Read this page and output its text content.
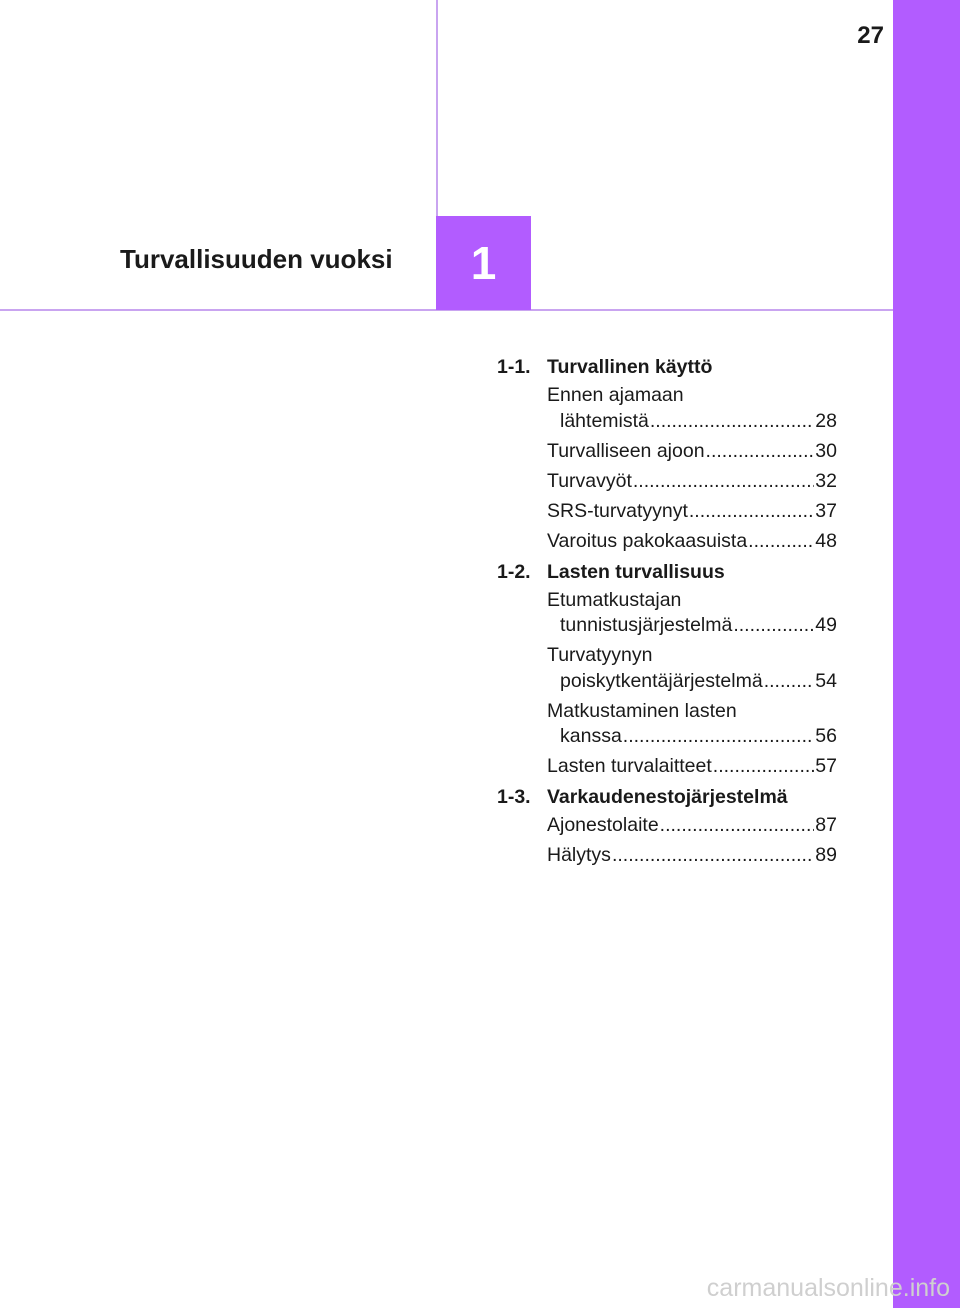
27
Turvallisuuden vuoksi	1
1-1. Turvallinen käyttö
Ennen ajamaan
lähtemistä .....	28
Turvalliseen ajoon .....	30
Turvavyöt .....	32
SRS-turvatyynyt .....	37
Varoitus pakokaasuista .....	48
1-2. Lasten turvallisuus
Etumatkustajan
tunnistusjärjestelmä .....	49
Turvatyynyn
poiskytkentäjärjestelmä .....	54
Matkustaminen lasten
kanssa .....	56
Lasten turvalaitteet .....	57
1-3. Varkaudenestojärjestelmä
Ajonestolaite .....	87
Hälytys .....	89
carmanualsonline.info
